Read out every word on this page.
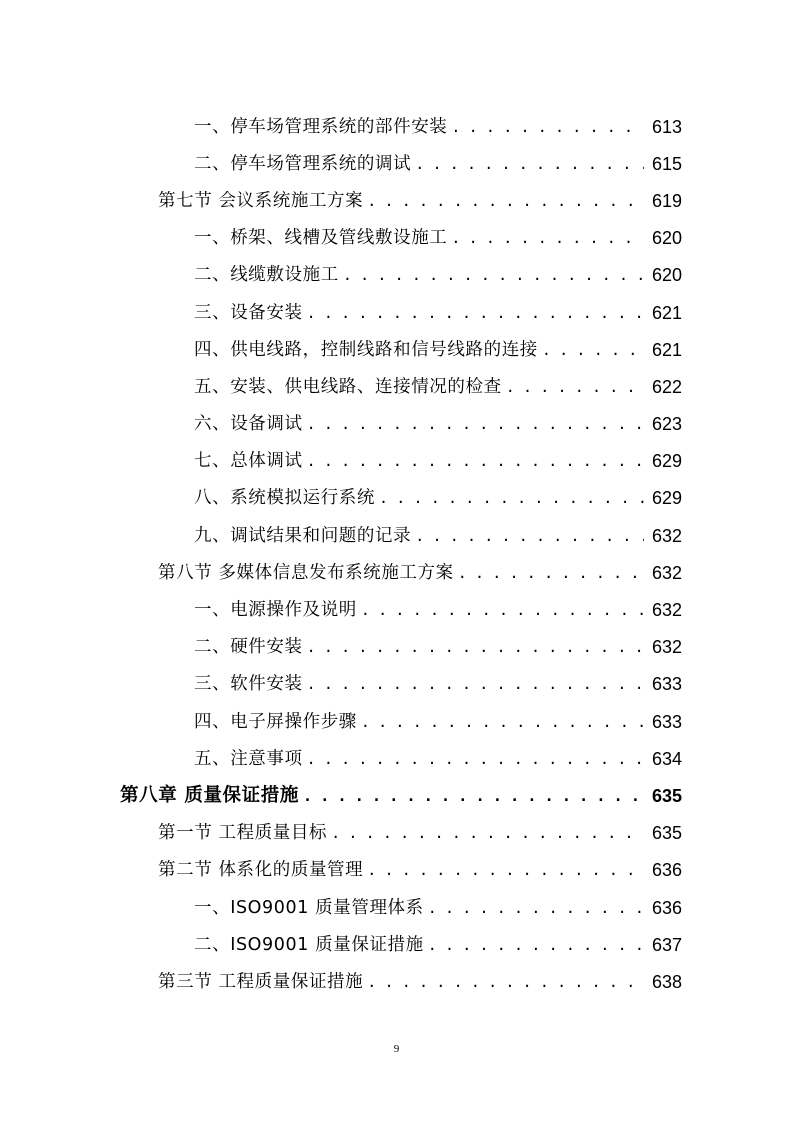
一、停车场管理系统的部件安装 . . .	613
二、停车场管理系统的调试 . . .	615
第七节 会议系统施工方案 . . .	619
一、桥架、线槽及管线敷设施工 . . .	620
二、线缆敷设施工 . . .	620
三、设备安装 . . .	621
四、供电线路，控制线路和信号线路的连接 . . .	621
五、安装、供电线路、连接情况的检查 . . .	622
六、设备调试 . . .	623
七、总体调试 . . .	629
八、系统模拟运行系统 . . .	629
九、调试结果和问题的记录 . . .	632
第八节 多媒体信息发布系统施工方案 . . .	632
一、电源操作及说明 . . .	632
二、硬件安装 . . .	632
三、软件安装 . . .	633
四、电子屏操作步骤 . . .	633
五、注意事项 . . .	634
第八章 质量保证措施 . . .	635
第一节 工程质量目标 . . .	635
第二节 体系化的质量管理 . . .	636
一、ISO9001 质量管理体系 . . .	636
二、ISO9001 质量保证措施 . . .	637
第三节 工程质量保证措施 . . .	638
9
